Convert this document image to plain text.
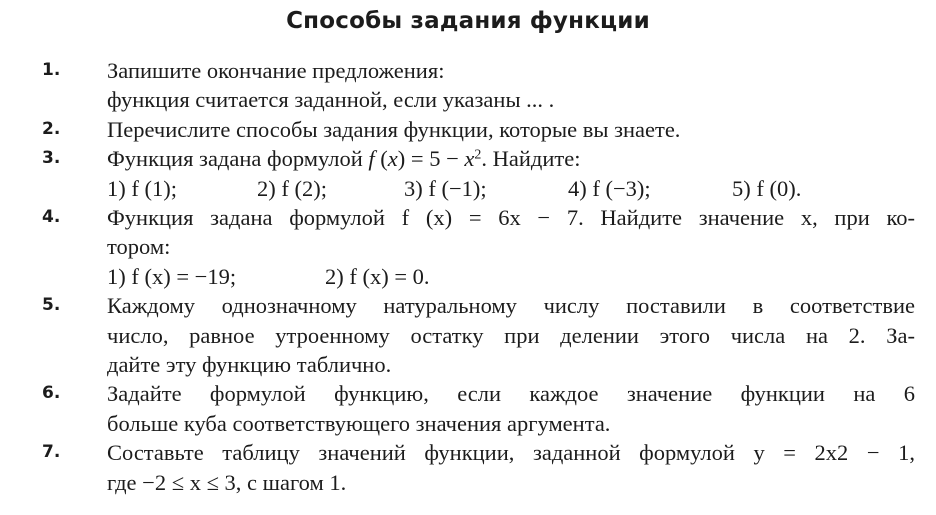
Способы задания функции
1. Запишите окончание предложения:
функция считается заданной, если указаны ... .
2. Перечислите способы задания функции, которые вы знаете.
3. Функция задана формулой f $(x) = 5 - x^2$. Найдите:
1) f (1);	2) f (2);	3) f (−1);	4) f (−3);	5) f (0).
4. Функция задана формулой f (x) = 6x − 7. Найдите значение x, при ко-
тором:
1) f (x) = −19;	2) f (x) = 0.
5. Каждому однозначному натуральному числу поставили в соответствие
число, равное утроенному остатку при делении этого числа на 2. За-
дайте эту функцию таблично.
6. Задайте формулой функцию, если каждое значение функции на 6
больше куба соответствующего значения аргумента.
7. Составьте таблицу значений функции, заданной формулой y = 2x2 − 1,
где −2 ≤ x ≤ 3, с шагом 1.
